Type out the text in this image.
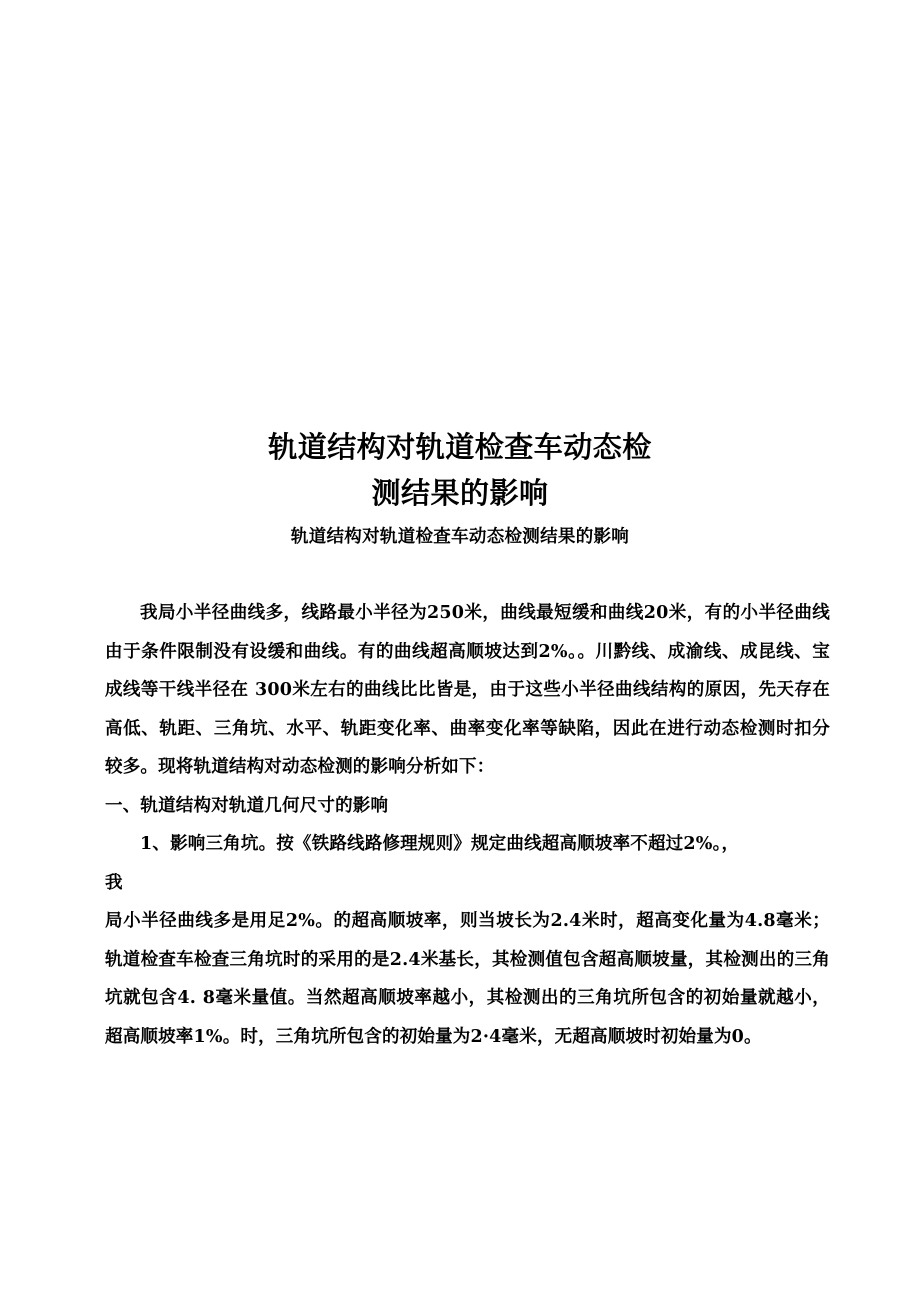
轨道结构对轨道检查车动态检
测结果的影响
轨道结构对轨道检查车动态检测结果的影响

我局小半径曲线多，线路最小半径为250米，曲线最短缓和曲线20米，有的小半径曲线由于条件限制没有设缓和曲线。有的曲线超高顺坡达到2%。。川黔线、成渝线、成昆线、宝成线等干线半径在 300米左右的曲线比比皆是，由于这些小半径曲线结构的原因，先天存在高低、轨距、三角坑、水平、轨距变化率、曲率变化率等缺陷，因此在进行动态检测时扣分较多。现将轨道结构对动态检测的影响分析如下：

一、轨道结构对轨道几何尺寸的影响

1、影响三角坑。按《铁路线路修理规则》规定曲线超高顺坡率不超过2%。，

我

局小半径曲线多是用足2%。的超高顺坡率，则当坡长为2.4米时，超高变化量为4.8毫米；轨道检查车检查三角坑时的采用的是2.4米基长，其检测值包含超高顺坡量，其检测出的三角坑就包含4. 8毫米量值。当然超高顺坡率越小，其检测出的三角坑所包含的初始量就越小，超高顺坡率1%。时，三角坑所包含的初始量为2·4毫米，无超高顺坡时初始量为0。
